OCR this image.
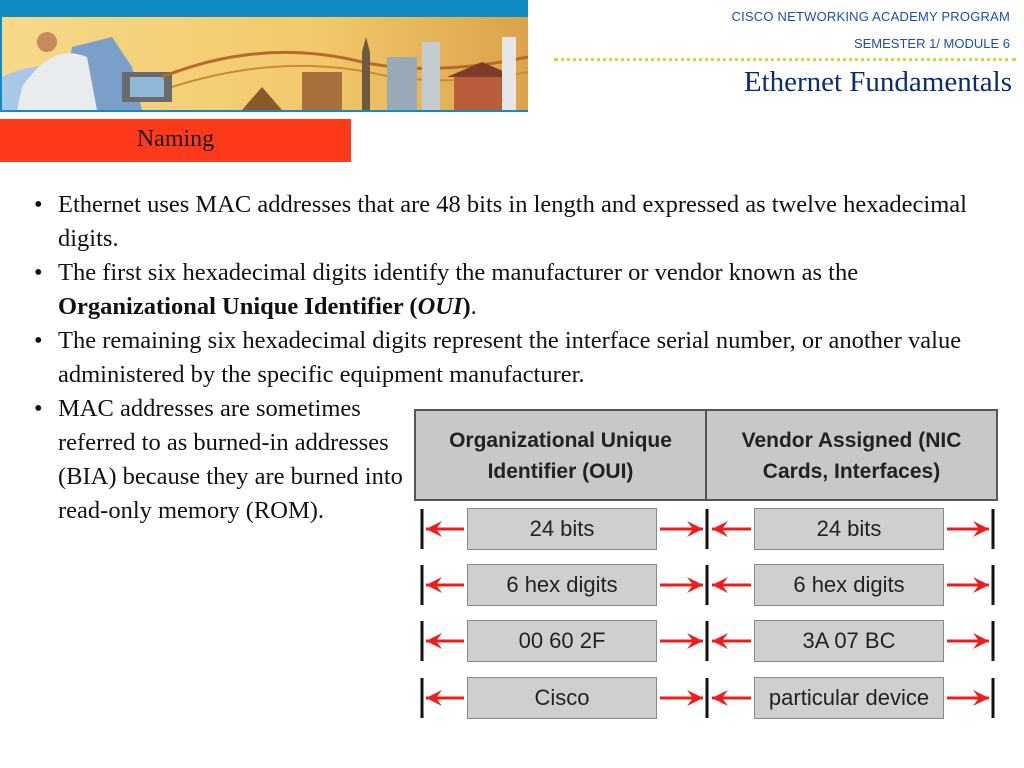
CISCO NETWORKING ACADEMY PROGRAM
SEMESTER 1/ MODULE 6
Ethernet Fundamentals
Naming
• Ethernet uses MAC addresses that are 48 bits in length and expressed as twelve hexadecimal digits.
• The first six hexadecimal digits identify the manufacturer or vendor known as the Organizational Unique Identifier (OUI).
• The remaining six hexadecimal digits represent the interface serial number, or another value administered by the specific equipment manufacturer.
• MAC addresses are sometimes referred to as burned-in addresses (BIA) because they are burned into read-only memory (ROM).
Organizational Unique Identifier (OUI)
Vendor Assigned (NIC Cards, Interfaces)
24 bits	24 bits
6 hex digits	6 hex digits
00 60 2F	3A 07 BC
Cisco	particular device
